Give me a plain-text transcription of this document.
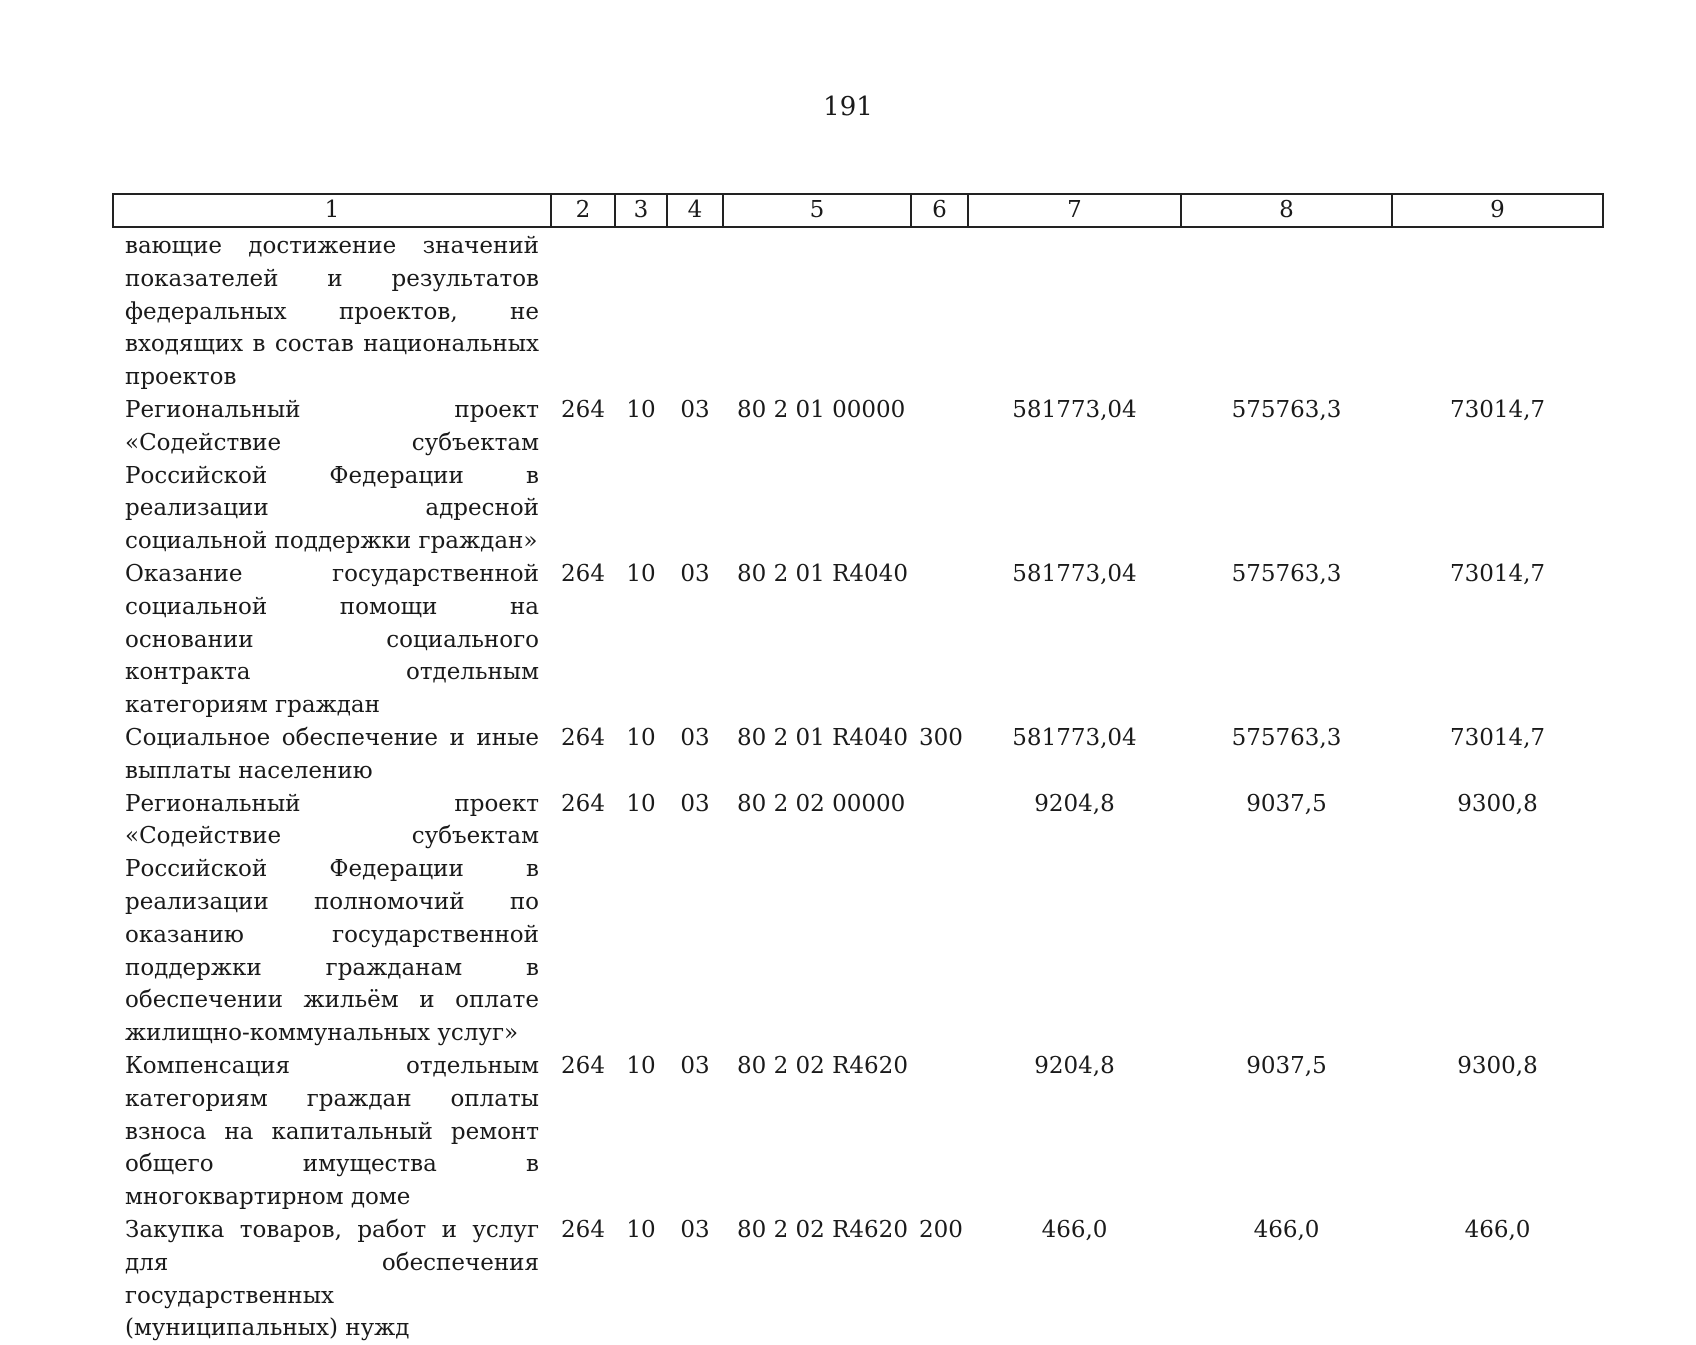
191
1	2	3	4	5	6	7	8	9
вающие достижение значений показателей и результатов федеральных проектов, не входящих в состав национальных проектов								
Региональный проект «Содействие субъектам Российской Федерации в реализации адресной социальной поддержки граждан»	264	10	03	80 2 01 00000		581773,04	575763,3	73014,7
Оказание государственной социальной помощи на основании социального контракта отдельным категориям граждан	264	10	03	80 2 01 R4040		581773,04	575763,3	73014,7
Социальное обеспечение и иные выплаты населению	264	10	03	80 2 01 R4040	300	581773,04	575763,3	73014,7
Региональный проект «Содействие субъектам Российской Федерации в реализации полномочий по оказанию государственной поддержки гражданам в обеспечении жильём и оплате жилищно-коммунальных услуг»	264	10	03	80 2 02 00000		9204,8	9037,5	9300,8
Компенсация отдельным категориям граждан оплаты взноса на капитальный ремонт общего имущества в многоквартирном доме	264	10	03	80 2 02 R4620		9204,8	9037,5	9300,8
Закупка товаров, работ и услуг для обеспечения государственных (муниципальных) нужд	264	10	03	80 2 02 R4620	200	466,0	466,0	466,0
